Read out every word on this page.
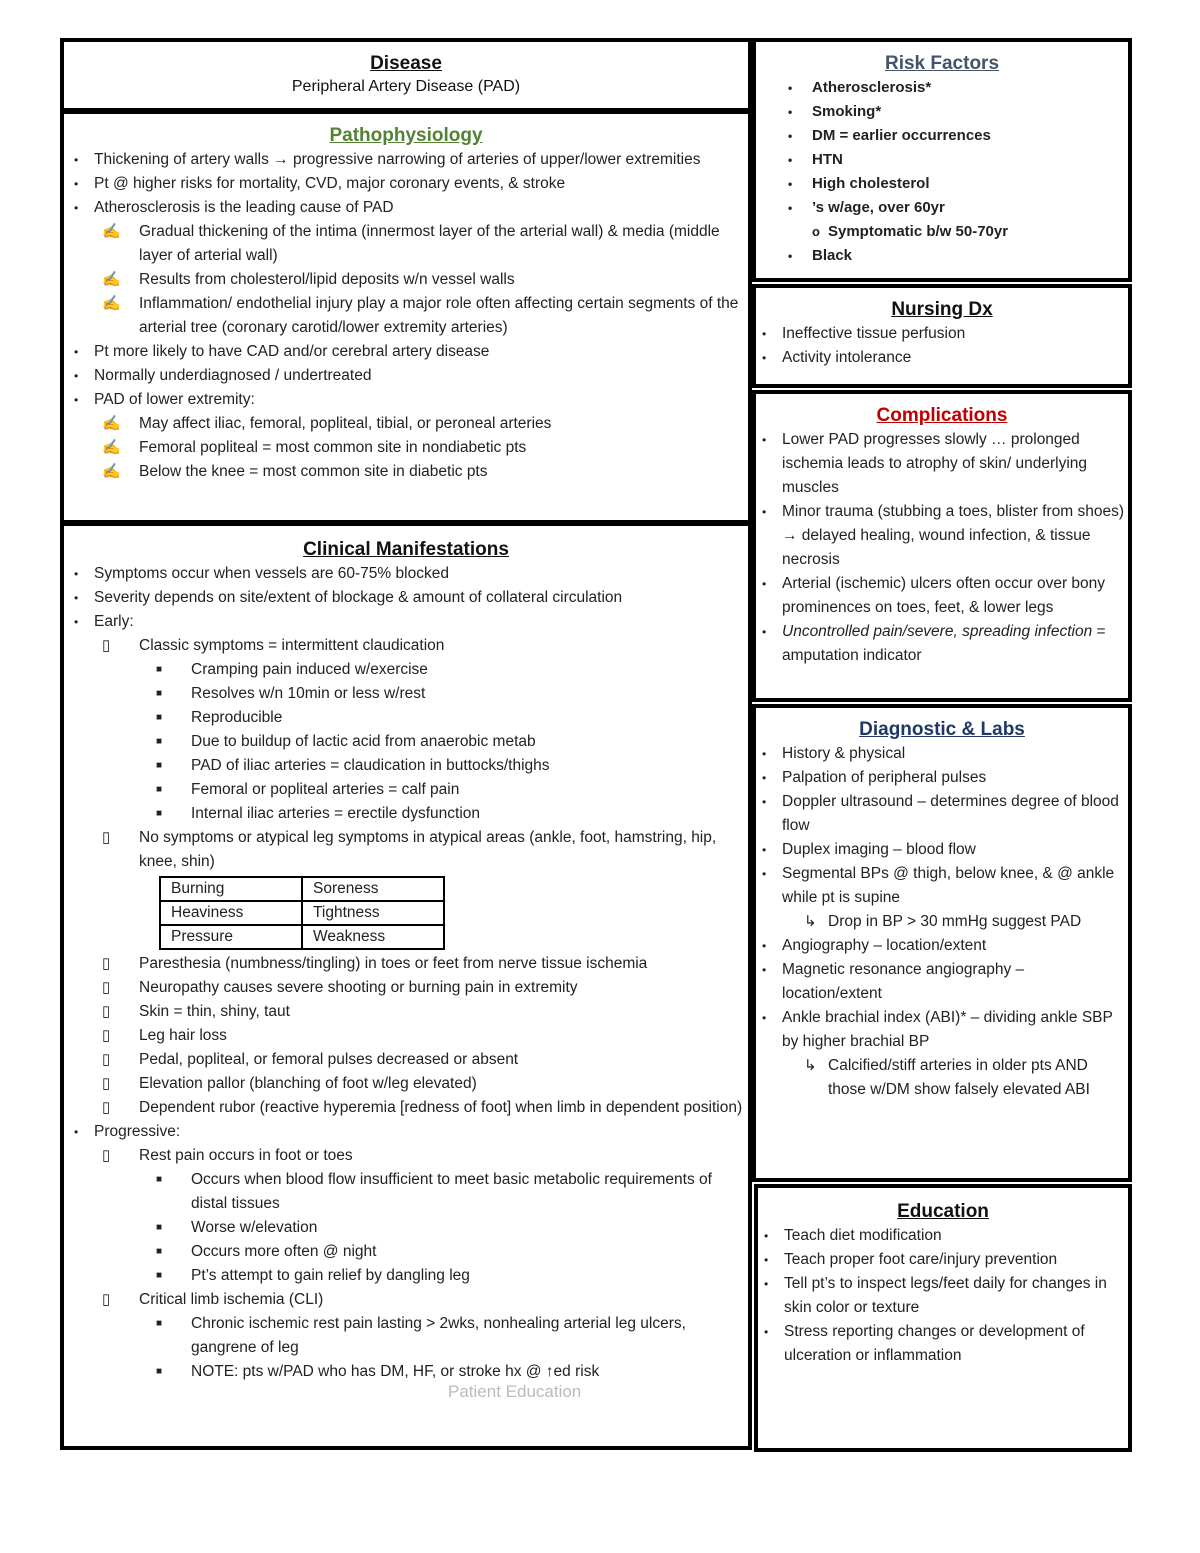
Disease

Peripheral Artery Disease (PAD)

Pathophysiology

• Thickening of artery walls → progressive narrowing of arteries of upper/lower extremities
• Pt @ higher risks for mortality, CVD, major coronary events, & stroke
• Atherosclerosis is the leading cause of PAD
✍ Gradual thickening of the intima (innermost layer of the arterial wall) & media (middle layer of arterial wall)
✍ Results from cholesterol/lipid deposits w/n vessel walls
✍ Inflammation/ endothelial injury play a major role often affecting certain segments of the arterial tree (coronary carotid/lower extremity arteries)
• Pt more likely to have CAD and/or cerebral artery disease
• Normally underdiagnosed / undertreated
• PAD of lower extremity:
✍ May affect iliac, femoral, popliteal, tibial, or peroneal arteries
✍ Femoral popliteal = most common site in nondiabetic pts
✍ Below the knee = most common site in diabetic pts

Clinical Manifestations

• Symptoms occur when vessels are 60-75% blocked
• Severity depends on site/extent of blockage & amount of collateral circulation
• Early:
▯ Classic symptoms = intermittent claudication
■ Cramping pain induced w/exercise
■ Resolves w/n 10min or less w/rest
■ Reproducible
■ Due to buildup of lactic acid from anaerobic metab
■ PAD of iliac arteries = claudication in buttocks/thighs
■ Femoral or popliteal arteries = calf pain
■ Internal iliac arteries = erectile dysfunction
▯ No symptoms or atypical leg symptoms in atypical areas (ankle, foot, hamstring, hip, knee, shin)
Burning	Soreness
Heaviness	Tightness
Pressure	Weakness
▯ Paresthesia (numbness/tingling) in toes or feet from nerve tissue ischemia
▯ Neuropathy causes severe shooting or burning pain in extremity
▯ Skin = thin, shiny, taut
▯ Leg hair loss
▯ Pedal, popliteal, or femoral pulses decreased or absent
▯ Elevation pallor (blanching of foot w/leg elevated)
▯ Dependent rubor (reactive hyperemia [redness of foot] when limb in dependent position)
• Progressive:
▯ Rest pain occurs in foot or toes
■ Occurs when blood flow insufficient to meet basic metabolic requirements of distal tissues
■ Worse w/elevation
■ Occurs more often @ night
■ Pt’s attempt to gain relief by dangling leg
▯ Critical limb ischemia (CLI)
■ Chronic ischemic rest pain lasting > 2wks, nonhealing arterial leg ulcers, gangrene of leg
■ NOTE: pts w/PAD who has DM, HF, or stroke hx @ ↑ed risk
Patient Education

Risk Factors

• Atherosclerosis*
• Smoking*
• DM = earlier occurrences
• HTN
• High cholesterol
• ’s w/age, over 60yr
o Symptomatic b/w 50-70yr
• Black

Nursing Dx

• Ineffective tissue perfusion
• Activity intolerance

Complications

• Lower PAD progresses slowly … prolonged ischemia leads to atrophy of skin/ underlying muscles
• Minor trauma (stubbing a toes, blister from shoes) → delayed healing, wound infection, & tissue necrosis
• Arterial (ischemic) ulcers often occur over bony prominences on toes, feet, & lower legs
• Uncontrolled pain/severe, spreading infection = amputation indicator

Diagnostic & Labs

• History & physical
• Palpation of peripheral pulses
• Doppler ultrasound – determines degree of blood flow
• Duplex imaging – blood flow
• Segmental BPs @ thigh, below knee, & @ ankle while pt is supine
↳ Drop in BP > 30 mmHg suggest PAD
• Angiography – location/extent
• Magnetic resonance angiography – location/extent
• Ankle brachial index (ABI)* – dividing ankle SBP by higher brachial BP
↳ Calcified/stiff arteries in older pts AND those w/DM show falsely elevated ABI

Education

• Teach diet modification
• Teach proper foot care/injury prevention
• Tell pt’s to inspect legs/feet daily for changes in skin color or texture
• Stress reporting changes or development of ulceration or inflammation
